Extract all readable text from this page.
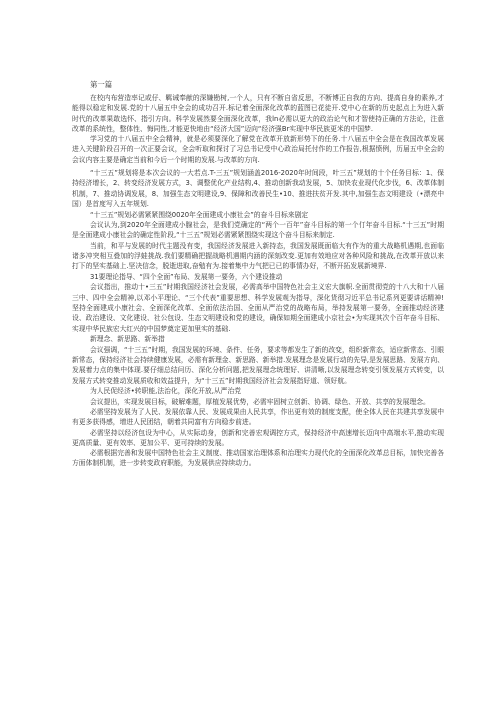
第一篇

在校内布营造率记或仔、羁诫奉献的深嫌勘树,一个人，只有不断自省反思，不断博正自我的方向、提高自身的素养,才能得以稳定和发展.党的十八届五中全会的成功召开.标记着全面深化改革的蓝图已花徒开.党中心在新的历史起点上为进入新时代的改革果敢选怀、指引方向。科学发展然要全面深化改革，我ln必需以更大的政治论气和才智使持正确的方法论，注意改革的系统性，整体性、悔同性,才能更快地由“经济大国”迈向“经济强Br实现中华民族更米的中国梦.

学习党的十八届五中全会精神，就是必须要深化了解党在改革开放新形势下的任务.十八届五中全会是在我国改革发展进入关键阶段召开的一次正要会议，全会听取和探讨了习总书记受中心政治局托付作的工作报告,根据愤例，历届五中全会的会议内容主要是确定当前和今后一个时期的发展.与改革的方向.

“十三五”规划将是本次会议的一大若点.T-三五”规划涵盖2016-2020年时间段，叶三五”规划的十个任务目标：1、保持经济增长，2、转变经济发展方式，3、调整优化产业结构,4、推动创新我动发展，5、加快农业现代化步伐，6、改革体制机制，7、推动协调发展，8、加强生态文明建设,9、保障和改善民生•10、推进扶贫开发.其中,加强生态文明建设（•漂亮中国）是首度写入五年规划.

“十三五”规划必需紧紧围绕0020年全面建成小康社会”的奋斗目标来剧定

会议认为,到2020年全面建成小腺社会，是我们党确定的“两个一百年”奋斗目标的第一个仃年奋斗目标.“十三五”时期是全面建成小康社会的确定性阶段,“十三五”规划必需紧紧围绕实现这个奋斗目标来制定.

当前，和平与发展的时代主题没有变，我国经济发展进入新持态，我国发展既面临大有作为的重大战略机遇期,也面临诸多冲突相互叠加的浮蛙挑战.我们要精确把握战略机遇期内涵的深刻改变.更加有效地应对各种风险和挑战,在改革开放以来打下的坚实基础上.坚决信念，脱逝进取,奋勉有为.接着集中力气把已已的事情办好，不断开拓发展新境界.

31要理论指导、“四个全面”布局、发展第一要务，六个建设推动

会议指出，推动十•三五”时期我国经济社会发展，必需高举中国特色社会主义宏大旗帜.全面贯彻党的十八大和十八届三中、四中全会精神,以邓小平理论、“三个代表”重要思想、科学发展观为指导，深化货彻习近平总书记系列更要讲话精神!坚持全面建成小康社会、全面深化改革、全面依法治国、全面从严治党的战略布局，举持发展第一要务，全面推动经济建设、政治建设、文化建设、社公包设、生态文明建设和党的建设，确保如期全面建成小京社会•为实现其次个百年奋斗目标、实现中华民族宏大红兴的中国梦奠定更加里实的基础.

新理念、新思路、新举措

会议强调，“十三五”时期，我国发展的环境、条件、任务，要求等都发生了新的改变，组织新常态，适应新常态、引眼新常态，保持经济社会持续健康发展，必需有新理金、新思路、新举措.发展理念是发展行动的先导,是发展思路、发展方向、发展着力点的集中体现.要仔细总结问历、深化分析问题,把发展理念统理好、讲清晰,以发展理念转变引领发展方式转变，以发展方式转变推动发展质收和效益提升，为“十三五”时期我国经济社会发展指好道、领好航。

为人民促经济•转职能,法治化，深化开放,从严治党

会议提出，实现发展目标，破解难题，厚植发展优势，必需牢固树立创新、协调、绿色、开放、共享的发展理念。

必需坚持发展为了人民、发展依靠人民、发展成果由人民共享，作出更有效的制度支配，使全体人民在共建共享发展中有更多获得感，增进人民团结，朝着共同富有方向稳步前进。

必需坚持以经济包设为中心，从实际动身，创新和完善宏观调控方式，保持经济中高速增长迈向中高端水平,推动实现更高质量、更有效率、更加公平、更可持续的发展。

必需根据完善和发展中国特色社会主义制度、推动国家治理体系和治理实力现代化的全面深化改革总目标，加快完善各方面体制机制，进一步转变政府职能，为发展供应持续动力。
